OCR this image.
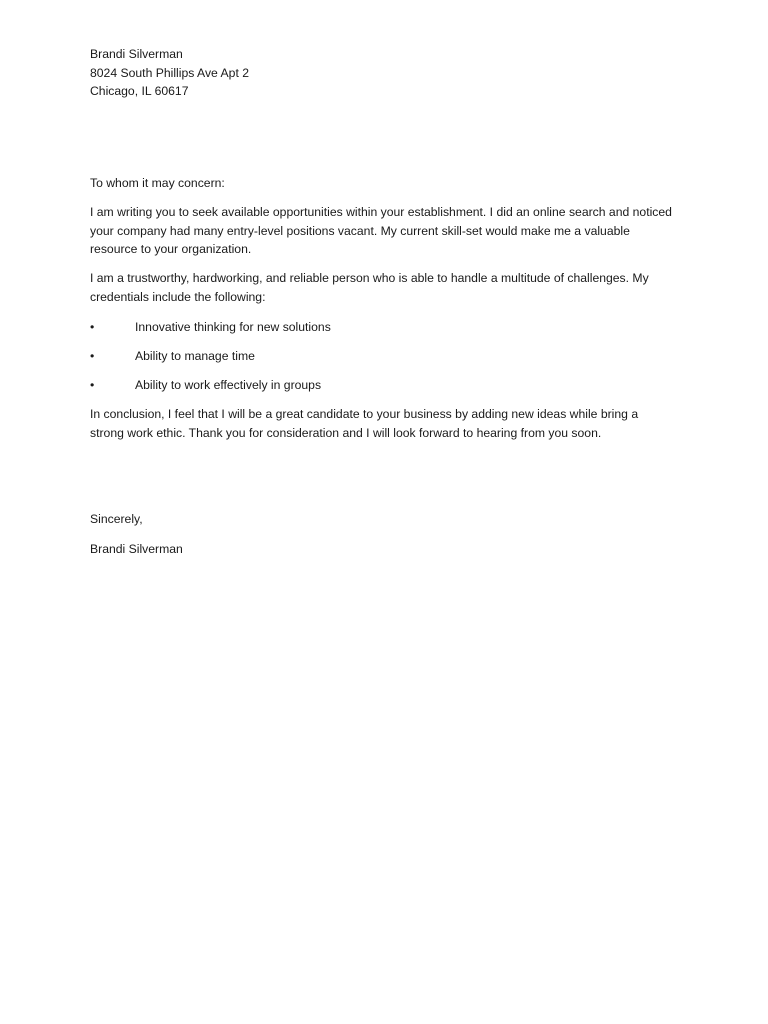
Brandi Silverman

8024 South Phillips Ave Apt 2

Chicago, IL 60617

To whom it may concern:

I am writing you to seek available opportunities within your establishment. I did an online search and noticed your company had many entry-level positions vacant. My current skill-set would make me a valuable resource to your organization.

I am a trustworthy, hardworking, and reliable person who is able to handle a multitude of challenges. My credentials include the following:

•	Innovative thinking for new solutions
•	Ability to manage time
•	Ability to work effectively in groups

In conclusion, I feel that I will be a great candidate to your business by adding new ideas while bring a strong work ethic. Thank you for consideration and I will look forward to hearing from you soon.

Sincerely,

Brandi Silverman
